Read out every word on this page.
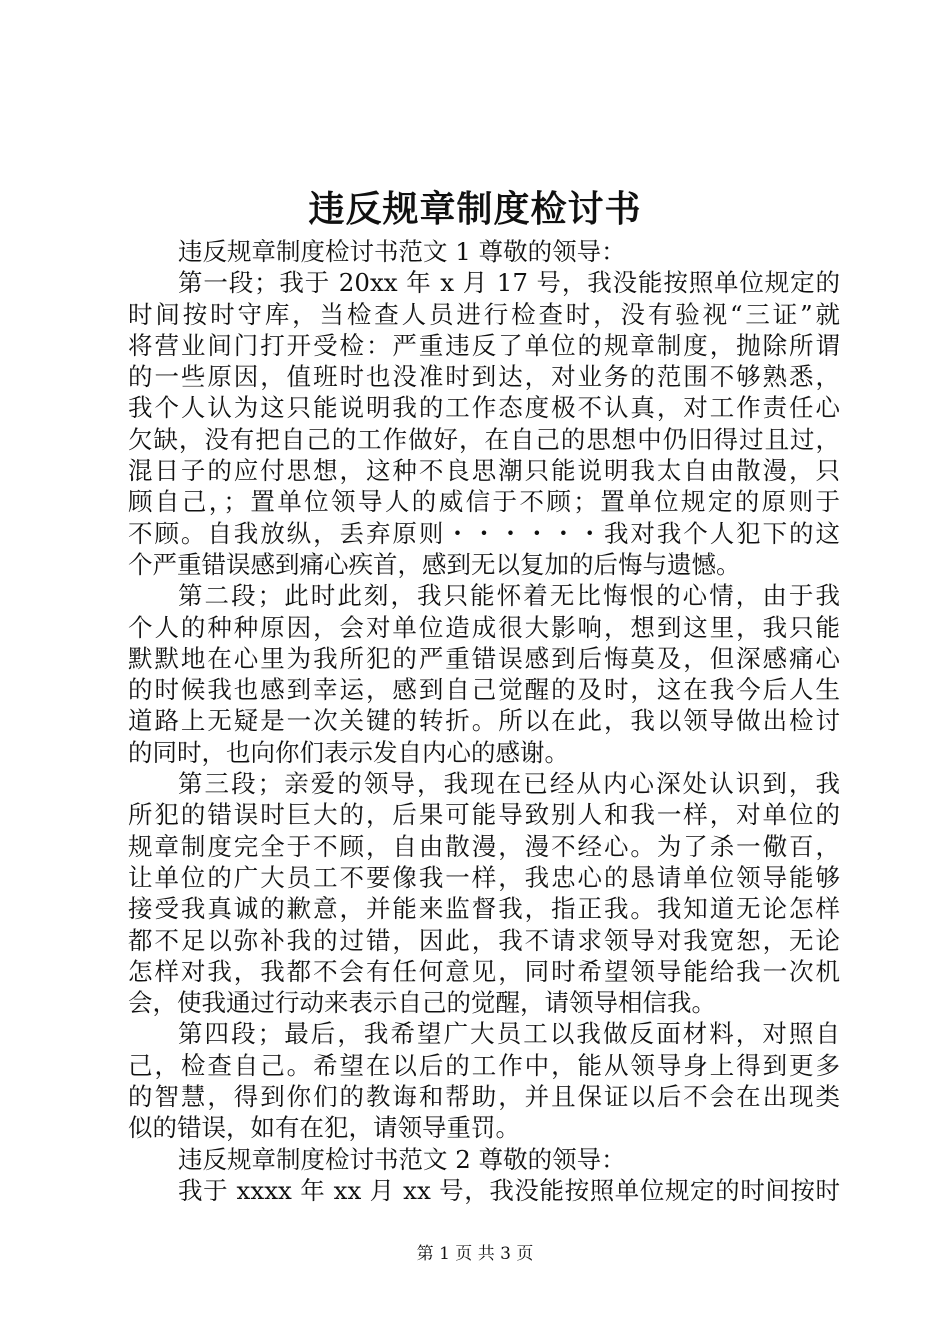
违反规章制度检讨书
违反规章制度检讨书范文 1 尊敬的领导：
第一段；我于 20xx 年 x 月 17 号，我没能按照单位规定的
时间按时守库，当检查人员进行检查时，没有验视“三证”就
将营业间门打开受检：严重违反了单位的规章制度，抛除所谓
的一些原因，值班时也没准时到达，对业务的范围不够熟悉，
我个人认为这只能说明我的工作态度极不认真，对工作责任心
欠缺，没有把自己的工作做好，在自己的思想中仍旧得过且过，
混日子的应付思想，这种不良思潮只能说明我太自由散漫，只
顾自己，；置单位领导人的威信于不顾；置单位规定的原则于
不顾。自我放纵，丢弃原则・・・・・・我对我个人犯下的这
个严重错误感到痛心疾首，感到无以复加的后悔与遗憾。
第二段；此时此刻，我只能怀着无比悔恨的心情，由于我
个人的种种原因，会对单位造成很大影响，想到这里，我只能
默默地在心里为我所犯的严重错误感到后悔莫及，但深感痛心
的时候我也感到幸运，感到自己觉醒的及时，这在我今后人生
道路上无疑是一次关键的转折。所以在此，我以领导做出检讨
的同时，也向你们表示发自内心的感谢。
第三段；亲爱的领导，我现在已经从内心深处认识到，我
所犯的错误时巨大的，后果可能导致别人和我一样，对单位的
规章制度完全于不顾，自由散漫，漫不经心。为了杀一儆百，
让单位的广大员工不要像我一样，我忠心的恳请单位领导能够
接受我真诚的歉意，并能来监督我，指正我。我知道无论怎样
都不足以弥补我的过错，因此，我不请求领导对我宽恕，无论
怎样对我，我都不会有任何意见，同时希望领导能给我一次机
会，使我通过行动来表示自己的觉醒，请领导相信我。
第四段；最后，我希望广大员工以我做反面材料，对照自
己，检查自己。希望在以后的工作中，能从领导身上得到更多
的智慧，得到你们的教诲和帮助，并且保证以后不会在出现类
似的错误，如有在犯，请领导重罚。
违反规章制度检讨书范文 2 尊敬的领导：
我于 xxxx 年 xx 月 xx 号，我没能按照单位规定的时间按时
第 1 页 共 3 页
